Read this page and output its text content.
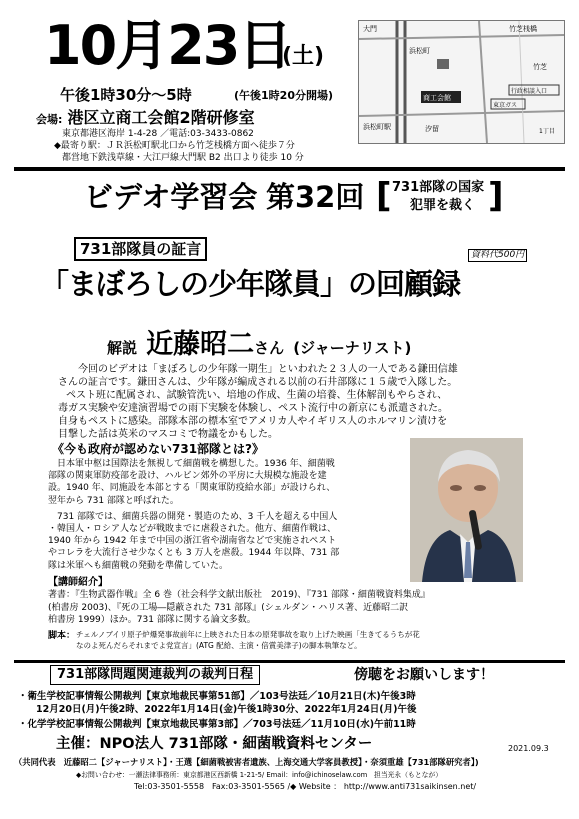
10月23日
(土)
午後1時30分～5時	(午後1時20分開場)
会場: 港区立商工会館2階研修室
東京都港区海岸 1-4-28 ／電話:03-3433-0862
◆最寄り駅：ＪＲ浜松町駅北口から竹芝桟橋方面へ徒歩７分
都営地下鉄浅草線・大江戸線大門駅 B2 出口より徒歩 10 分
大門
浜松町
竹芝桟橋
竹芝
浜松町駅
東京ガス
商工会館
汐留	1丁目
行政相談入口
ビデオ学習会 第32回 [	]
731部隊の国家
犯罪を裁く
731部隊員の証言	資料代500円
「まぼろしの少年隊員」の回顧録
解説 近藤昭二さん (ジャーナリスト)
今回のビデオは「まぼろしの少年隊一期生」といわれた２３人の一人である鎌田信雄
さんの証言です。鎌田さんは、少年隊が編成される以前の石井部隊に１５歳で入隊した。
ペスト班に配属され、試験管洗い、培地の作成、生菌の培養、生体解剖もやらされ、
毒ガス実験や安達演習場での雨下実験を体験し、ペスト流行中の新京にも派遣された。
自身もペストに感染。部隊本部の標本室でアメリカ人やイギリス人のホルマリン漬けを
目撃した話は英米のマスコミで物議をかもした。
《今も政府が認めない731部隊とは?》
日本軍中枢は国際法を無視して細菌戦を構想した。1936 年、細菌戦
部隊の関東軍防疫部を設け、ハルビン郊外の平房に大規模な施設を建
設。1940 年、同施設を本部とする「関東軍防疫給水部」が設けられ、
翌年から 731 部隊と呼ばれた。
731 部隊では、細菌兵器の開発・製造のため、3 千人を超える中国人
・韓国人・ロシア人などが戦敗までに虐殺された。他方、細菌作戦は、
1940 年から 1942 年まで中国の浙江省や湖南省などで実施されペスト
やコレラを大流行させ少なくとも 3 万人を虐殺。1944 年以降、731 部
隊は米軍へも細菌戦の発動を準備していた。
【講師紹介】
著書：『生物武器作戦』全 6 巻（社会科学文献出版社　2019)、『731 部隊・細菌戦資料集成』
(柏書房 2003)、『死の工場―隠蔽された 731 部隊』(シェルダン・ハリス著、近藤昭二訳
柏書房 1999）ほか。731 部隊に関する論文多数。
脚本： チェルノブイリ原子炉爆発事故前年に上映された日本の原発事故を取り上げた映画「生きてるうちが花
なのよ死んだらそれまでよ党宣言」(ATG 配給、主演・倍賞美津子)の脚本執筆など。
731部隊問題関連裁判の裁判日程	傍聴をお願いします！
・衛生学校記事情報公開裁判【東京地裁民事第51部】／103号法廷／10月21日(木)午後3時
12月20日(月)午後2時、2022年1月14日(金)午後1時30分、2022年1月24日(月)午後
・化学学校記事情報公開裁判【東京地裁民事第3部】／703号法廷／11月10日(水)午前11時
主催：NPO法人 731部隊・細菌戦資料センター	2021.09.3
（共同代表　近藤昭二【ジャーナリスト】・王選【細菌戦被害者遺族、上海交通大学客員教授】・奈須重雄【731部隊研究者】)
◆お問い合わせ：一瀬法律事務所：東京都港区西新橋 1-21-5/ Email：info@ichinoselaw.com　担当光永（もとなが）
Tel:03-3501-5558　Fax:03-3501-5565 /◆ Website ： http://www.anti731saikinsen.net/
